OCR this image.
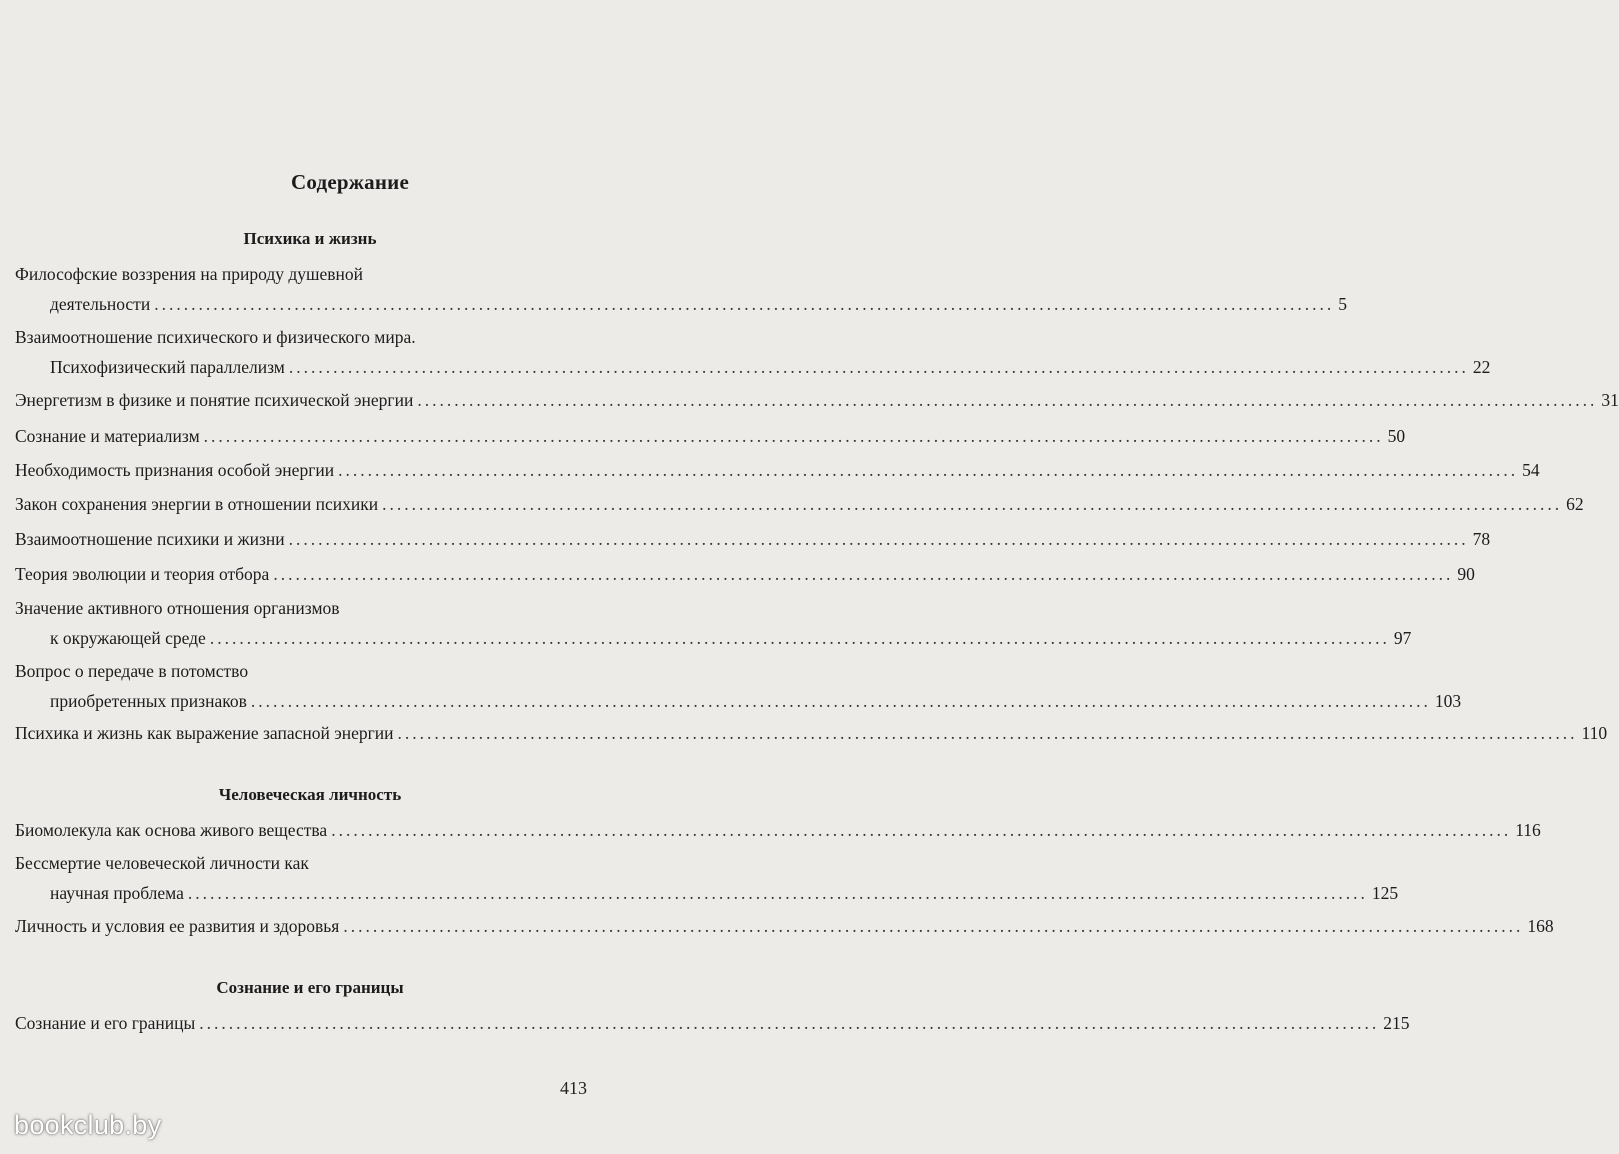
Содержание
Психика и жизнь
Философские воззрения на природу душевной
деятельности ................................................................................................................................................................ 5
Взаимоотношение психического и физического мира.
Психофизический параллелизм ................................................................................................................................................................ 22
Энергетизм в физике и понятие психической энергии ................................................................................................................................................................ 31
Сознание и материализм ................................................................................................................................................................ 50
Необходимость признания особой энергии ................................................................................................................................................................ 54
Закон сохранения энергии в отношении психики ................................................................................................................................................................ 62
Взаимоотношение психики и жизни ................................................................................................................................................................ 78
Теория эволюции и теория отбора ................................................................................................................................................................ 90
Значение активного отношения организмов
к окружающей среде ................................................................................................................................................................ 97
Вопрос о передаче в потомство
приобретенных признаков ................................................................................................................................................................ 103
Психика и жизнь как выражение запасной энергии ................................................................................................................................................................ 110
Человеческая личность
Биомолекула как основа живого вещества ................................................................................................................................................................ 116
Бессмертие человеческой личности как
научная проблема ................................................................................................................................................................ 125
Личность и условия ее развития и здоровья ................................................................................................................................................................ 168
Сознание и его границы
Сознание и его границы ................................................................................................................................................................ 215
413
bookclub.by
